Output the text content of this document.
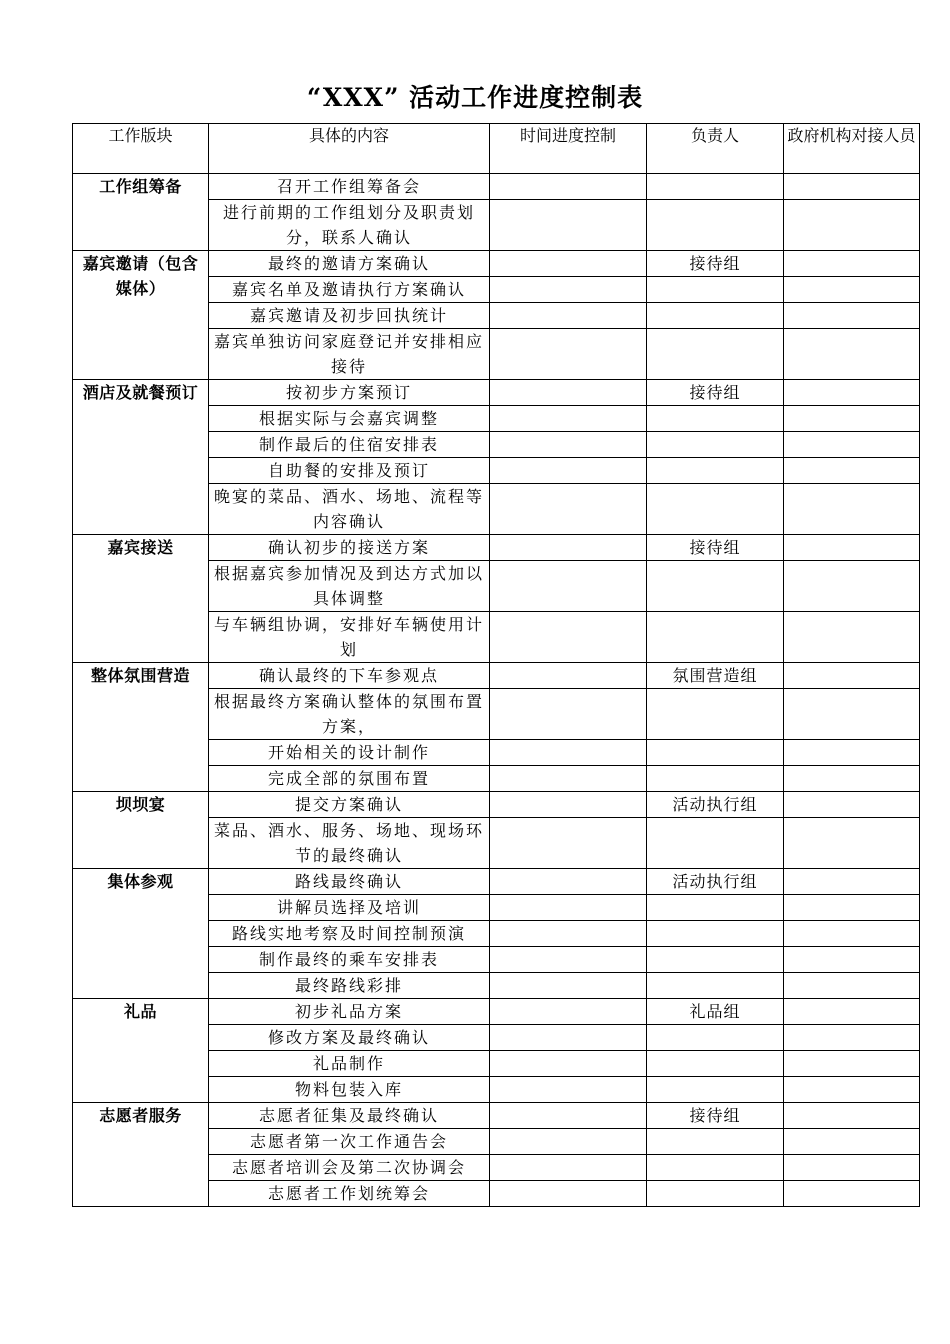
“XXX” 活动工作进度控制表
工作版块	具体的内容	时间进度控制	负责人	政府机构对接人员

工作组筹备	召开工作组筹备会			
	进行前期的工作组划分及职责划分，联系人确认			

嘉宾邀请（包含媒体）	最终的邀请方案确认		接待组	
	嘉宾名单及邀请执行方案确认			
	嘉宾邀请及初步回执统计			
	嘉宾单独访问家庭登记并安排相应接待			

酒店及就餐预订	按初步方案预订		接待组	
	根据实际与会嘉宾调整			
	制作最后的住宿安排表			
	自助餐的安排及预订			
	晚宴的菜品、酒水、场地、流程等内容确认			

嘉宾接送	确认初步的接送方案		接待组	
	根据嘉宾参加情况及到达方式加以具体调整			
	与车辆组协调，安排好车辆使用计划			

整体氛围营造	确认最终的下车参观点		氛围营造组	
	根据最终方案确认整体的氛围布置方案，			
	开始相关的设计制作			
	完成全部的氛围布置			

坝坝宴	提交方案确认		活动执行组	
	菜品、酒水、服务、场地、现场环节的最终确认			

集体参观	路线最终确认		活动执行组	
	讲解员选择及培训			
	路线实地考察及时间控制预演			
	制作最终的乘车安排表			
	最终路线彩排			

礼品	初步礼品方案		礼品组	
	修改方案及最终确认			
	礼品制作			
	物料包装入库			

志愿者服务	志愿者征集及最终确认		接待组	
	志愿者第一次工作通告会			
	志愿者培训会及第二次协调会			
	志愿者工作划统筹会			
